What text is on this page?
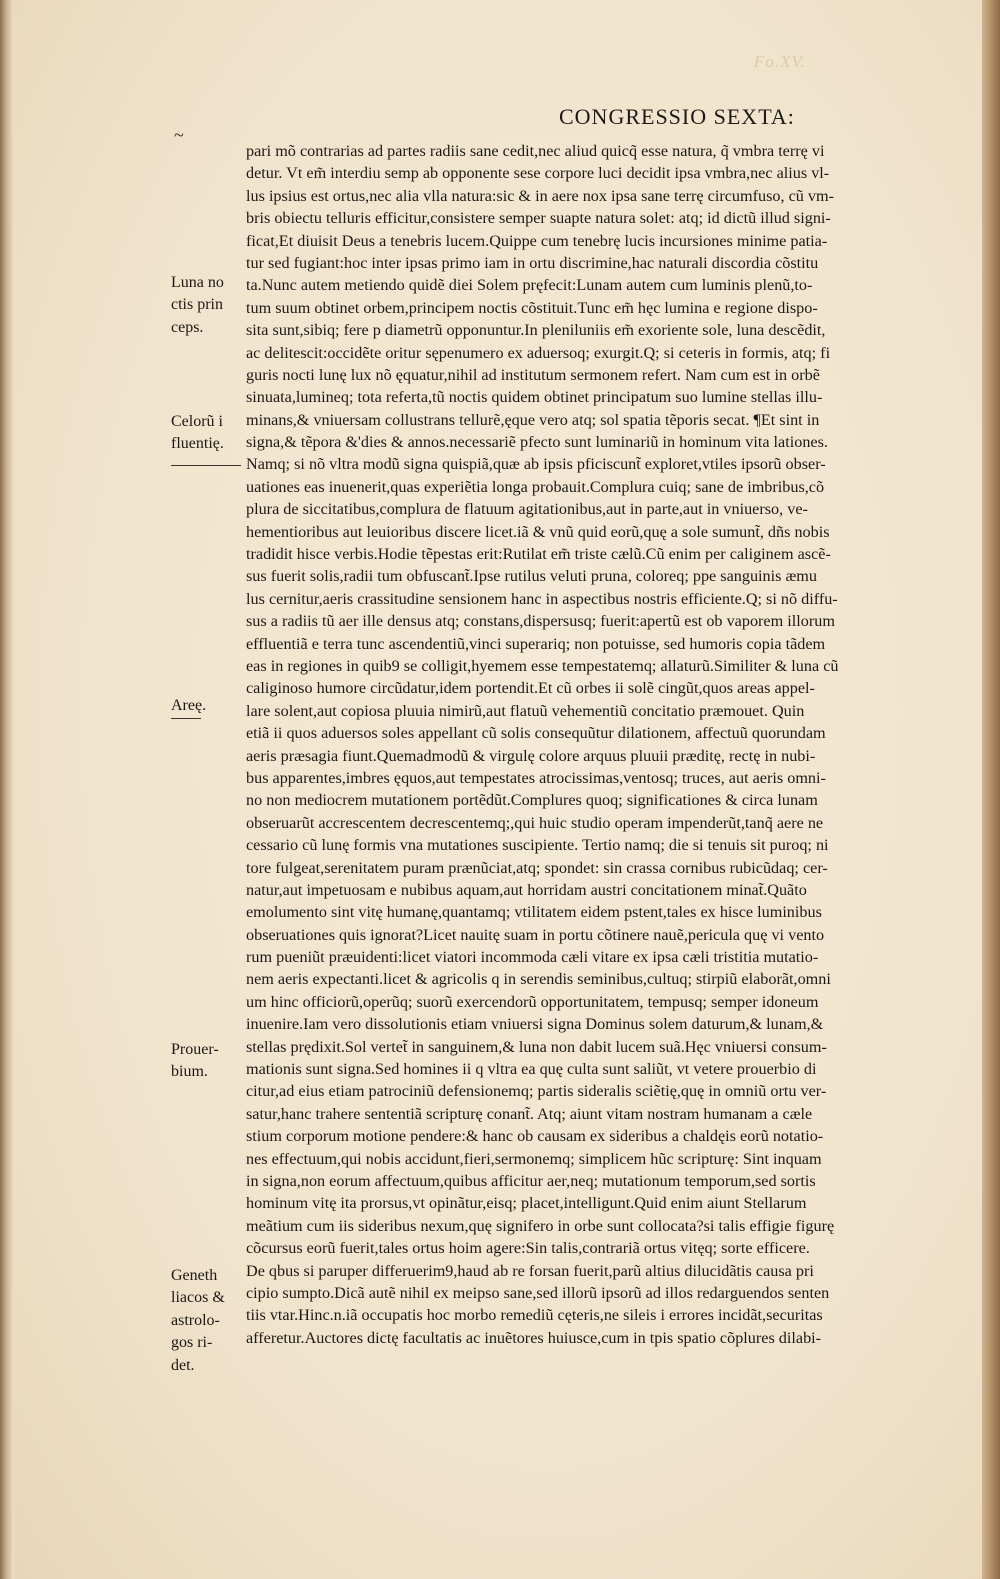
Fo.XV.
CONGRESSIO SEXTA:
~
pari mõ contrarias ad partes radiis sane cedit,nec aliud quicq̃ esse natura, q̃ vmbra terrę vi
detur. Vt em̃ interdiu semp ab opponente sese corpore luci decidit ipsa vmbra,nec alius vl-
lus ipsius est ortus,nec alia vlla natura:sic & in aere nox ipsa sane terrę circumfuso, cũ vm-
bris obiectu telluris efficitur,consistere semper suapte natura solet: atq; id dictũ illud signi-
ficat,Et diuisit Deus a tenebris lucem.Quippe cum tenebrę lucis incursiones minime patia-
tur sed fugiant:hoc inter ipsas primo iam in ortu discrimine,hac naturali discordia cõstitu
ta.Nunc autem metiendo quidẽ diei Solem pręfecit:Lunam autem cum luminis plenũ,to-
tum suum obtinet orbem,principem noctis cõstituit.Tunc em̃ hęc lumina e regione dispo-
sita sunt,sibiq; fere p diametrũ opponuntur.In pleniluniis em̃ exoriente sole, luna descẽdit,
ac delitescit:occidẽte oritur sępenumero ex aduersoq; exurgit.Q; si ceteris in formis, atq; fi
guris nocti lunę lux nõ ęquatur,nihil ad institutum sermonem refert. Nam cum est in orbẽ
sinuata,lumineq; tota referta,tũ noctis quidem obtinet principatum suo lumine stellas illu-
minans,& vniuersam collustrans tellurẽ,ęque vero atq; sol spatia tẽporis secat. ¶Et sint in
signa,& tẽpora &'dies & annos.necessariẽ pfecto sunt luminariũ in hominum vita lationes.
Namq; si nõ vltra modũ signa quispiã,quæ ab ipsis pficiscunt̃ exploret,vtiles ipsorũ obser-
uationes eas inuenerit,quas experiẽtia longa probauit.Complura cuiq; sane de imbribus,cõ
plura de siccitatibus,complura de flatuum agitationibus,aut in parte,aut in vniuerso, ve-
hementioribus aut leuioribus discere licet.iã & vnũ quid eorũ,quę a sole sumunt̃, dñs nobis
tradidit hisce verbis.Hodie tẽpestas erit:Rutilat em̃ triste cælũ.Cũ enim per caliginem ascẽ-
sus fuerit solis,radii tum obfuscant̃.Ipse rutilus veluti pruna, coloreq; ppe sanguinis æmu
lus cernitur,aeris crassitudine sensionem hanc in aspectibus nostris efficiente.Q; si nõ diffu-
sus a radiis tũ aer ille densus atq; constans,dispersusq; fuerit:apertũ est ob vaporem illorum
effluentiã e terra tunc ascendentiũ,vinci superariq; non potuisse, sed humoris copia tãdem
eas in regiones in quib9 se colligit,hyemem esse tempestatemq; allaturũ.Similiter & luna cũ
caliginoso humore circũdatur,idem portendit.Et cũ orbes ii solẽ cingũt,quos areas appel-
lare solent,aut copiosa pluuia nimirũ,aut flatuũ vehementiũ concitatio præmouet. Quin
etiã ii quos aduersos soles appellant cũ solis consequũtur dilationem, affectuũ quorundam
aeris præsagia fiunt.Quemadmodũ & virgulę colore arquus pluuii præditę, rectę in nubi-
bus apparentes,imbres ęquos,aut tempestates atrocissimas,ventosq; truces, aut aeris omni-
no non mediocrem mutationem portẽdũt.Complures quoq; significationes & circa lunam
obseruarũt accrescentem decrescentemq;,qui huic studio operam impenderũt,tanq̃ aere ne
cessario cũ lunę formis vna mutationes suscipiente. Tertio namq; die si tenuis sit puroq; ni
tore fulgeat,serenitatem puram prænũciat,atq; spondet: sin crassa cornibus rubicũdaq; cer-
natur,aut impetuosam e nubibus aquam,aut horridam austri concitationem minat̃.Quãto
emolumento sint vitę humanę,quantamq; vtilitatem eidem pstent,tales ex hisce luminibus
obseruationes quis ignorat?Licet nauitę suam in portu cõtinere nauẽ,pericula quę vi vento
rum pueniũt præuidenti:licet viatori incommoda cæli vitare ex ipsa cæli tristitia mutatio-
nem aeris expectanti.licet & agricolis q in serendis seminibus,cultuq; stirpiũ elaborãt,omni
um hinc officiorũ,operũq; suorũ exercendorũ opportunitatem, tempusq; semper idoneum
inuenire.Iam vero dissolutionis etiam vniuersi signa Dominus solem daturum,& lunam,&
stellas prędixit.Sol vertet̃ in sanguinem,& luna non dabit lucem suã.Hęc vniuersi consum-
mationis sunt signa.Sed homines ii q vltra ea quę culta sunt saliũt, vt vetere prouerbio di
citur,ad eius etiam patrociniũ defensionemq; partis sideralis sciẽtię,quę in omniũ ortu ver-
satur,hanc trahere sententiã scripturę conant̃. Atq; aiunt vitam nostram humanam a cæle
stium corporum motione pendere:& hanc ob causam ex sideribus a chaldęis eorũ notatio-
nes effectuum,qui nobis accidunt,fieri,sermonemq; simplicem hũc scripturę: Sint inquam
in signa,non eorum affectuum,quibus afficitur aer,neq; mutationum temporum,sed sortis
hominum vitę ita prorsus,vt opinãtur,eisq; placet,intelligunt.Quid enim aiunt Stellarum
meãtium cum iis sideribus nexum,quę signifero in orbe sunt collocata?si talis effigie figurę
cõcursus eorũ fuerit,tales ortus hoim agere:Sin talis,contrariã ortus vitęq; sorte efficere.
De qbus si paruper differuerim9,haud ab re forsan fuerit,parũ altius dilucidãtis causa pri
cipio sumpto.Dicã autẽ nihil ex meipso sane,sed illorũ ipsorũ ad illos redarguendos senten
tiis vtar.Hinc.n.iã occupatis hoc morbo remediũ cęteris,ne sileis i errores incidãt,securitas
afferetur.Auctores dictę facultatis ac inuẽtores huiusce,cum in tpis spatio cõplures dilabi-
Luna no
ctis prin
ceps.
Celorũ i
fluentię.
Areę.
Prouer-
bium.
Geneth
liacos &
astrolo-
gos ri-
det.
